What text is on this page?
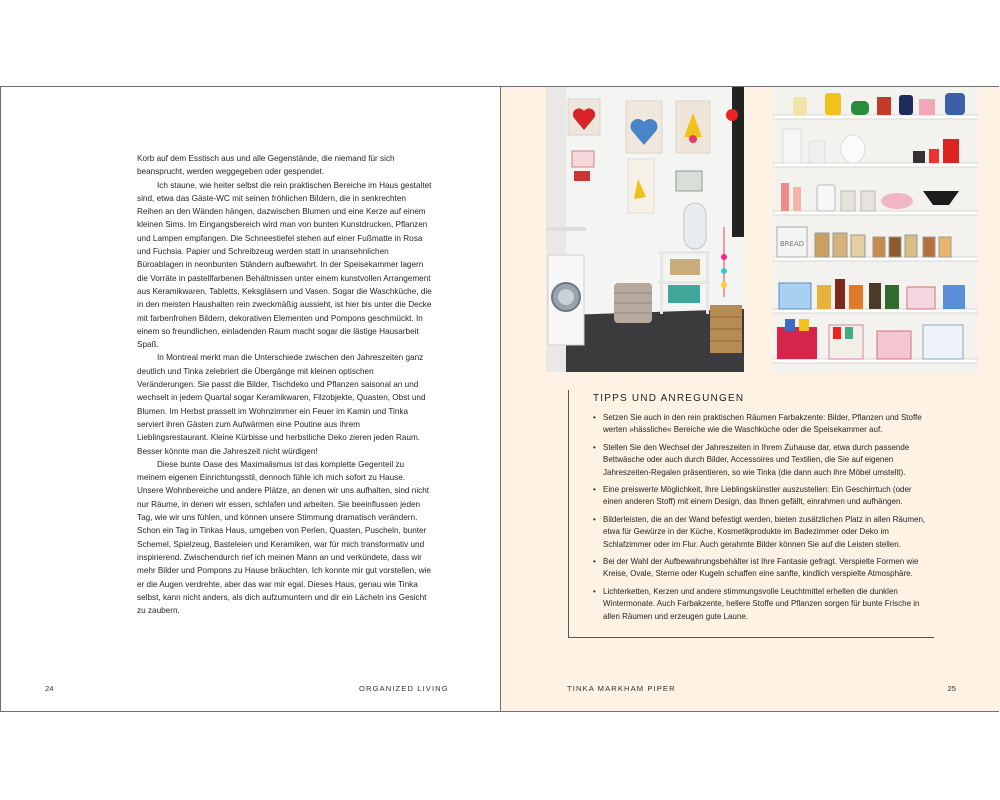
Korb auf dem Esstisch aus und alle Gegenstände, die niemand für sich beansprucht, werden weggegeben oder gespendet.

Ich staune, wie heiter selbst die rein praktischen Bereiche im Haus gestaltet sind, etwa das Gäste-WC mit seinen fröhlichen Bildern, die in senkrechten Reihen an den Wänden hängen, dazwischen Blumen und eine Kerze auf einem kleinen Sims. Im Eingangsbereich wird man von bunten Kunstdrucken, Pflanzen und Lampen empfangen. Die Schneestiefel stehen auf einer Fußmatte in Rosa und Fuchsia. Papier und Schreibzeug werden statt in unansehnlichen Büroablagen in neonbunten Ständern aufbewahrt. In der Speisekammer lagern die Vorräte in pastellfarbenen Behältnissen unter einem kunstvollen Arrangement aus Keramikwaren, Tabletts, Keksgläsern und Vasen. Sogar die Waschküche, die in den meisten Haushalten rein zweckmäßig aussieht, ist hier bis unter die Decke mit farbenfrohen Bildern, dekorativen Elementen und Pompons geschmückt. In einem so freundlichen, einladenden Raum macht sogar die lästige Hausarbeit Spaß.

In Montreal merkt man die Unterschiede zwischen den Jahreszeiten ganz deutlich und Tinka zelebriert die Übergänge mit kleinen optischen Veränderungen. Sie passt die Bilder, Tischdeko und Pflanzen saisonal an und wechselt in jedem Quartal sogar Keramikwaren, Filzobjekte, Quasten, Obst und Blumen. Im Herbst prasselt im Wohnzimmer ein Feuer im Kamin und Tinka serviert ihren Gästen zum Aufwärmen eine Poutine aus ihrem Lieblingsrestaurant. Kleine Kürbisse und herbstliche Deko zieren jeden Raum. Besser könnte man die Jahreszeit nicht würdigen!

Diese bunte Oase des Maximalismus ist das komplette Gegenteil zu meinem eigenen Einrichtungsstil, dennoch fühle ich mich sofort zu Hause. Unsere Wohnbereiche und andere Plätze, an denen wir uns aufhalten, sind nicht nur Räume, in denen wir essen, schlafen und arbeiten. Sie beeinflussen jeden Tag, wie wir uns fühlen, und können unsere Stimmung dramatisch verändern. Schon ein Tag in Tinkas Haus, umgeben von Perlen, Quasten, Puscheln, bunter Schemel, Spielzeug, Basteleien und Keramiken, war für mich transformativ und inspirierend. Zwischendurch rief ich meinen Mann an und verkündete, dass wir mehr Bilder und Pompons zu Hause bräuchten. Ich konnte mir gut vorstellen, wie er die Augen verdrehte, aber das war mir egal. Dieses Haus, genau wie Tinka selbst, kann nicht anders, als dich aufzumuntern und dir ein Lächeln ins Gesicht zu zaubern.

24	ORGANIZED LIVING
BREAD
TIPPS UND ANREGUNGEN
• Setzen Sie auch in den rein praktischen Räumen Farbakzente: Bilder, Pflanzen und Stoffe werten »hässliche« Bereiche wie die Waschküche oder die Speisekammer auf.
• Stellen Sie den Wechsel der Jahreszeiten in Ihrem Zuhause dar, etwa durch passende Bettwäsche oder auch durch Bilder, Accessoires und Textilien, die Sie auf eigenen Jahreszeiten-Regalen präsentieren, so wie Tinka (die dann auch ihre Möbel umstellt).
• Eine preiswerte Möglichkeit, Ihre Lieblingskünstler auszustellen: Ein Geschirrtuch (oder einen anderen Stoff) mit einem Design, das Ihnen gefällt, einrahmen und aufhängen.
• Bilderleisten, die an der Wand befestigt werden, bieten zusätzlichen Platz in allen Räumen, etwa für Gewürze in der Küche, Kosmetikprodukte im Badezimmer oder Deko im Schlafzimmer oder im Flur. Auch gerahmte Bilder können Sie auf die Leisten stellen.
• Bei der Wahl der Aufbewahrungsbehälter ist Ihre Fantasie gefragt. Verspielte Formen wie Kreise, Ovale, Sterne oder Kugeln schaffen eine sanfte, kindlich verspielte Atmosphäre.
• Lichterketten, Kerzen und andere stimmungsvolle Leuchtmittel erhellen die dunklen Wintermonate. Auch Farbakzente, hellere Stoffe und Pflanzen sorgen für bunte Frische in allen Räumen und erzeugen gute Laune.
TINKA MARKHAM PIPER	25
